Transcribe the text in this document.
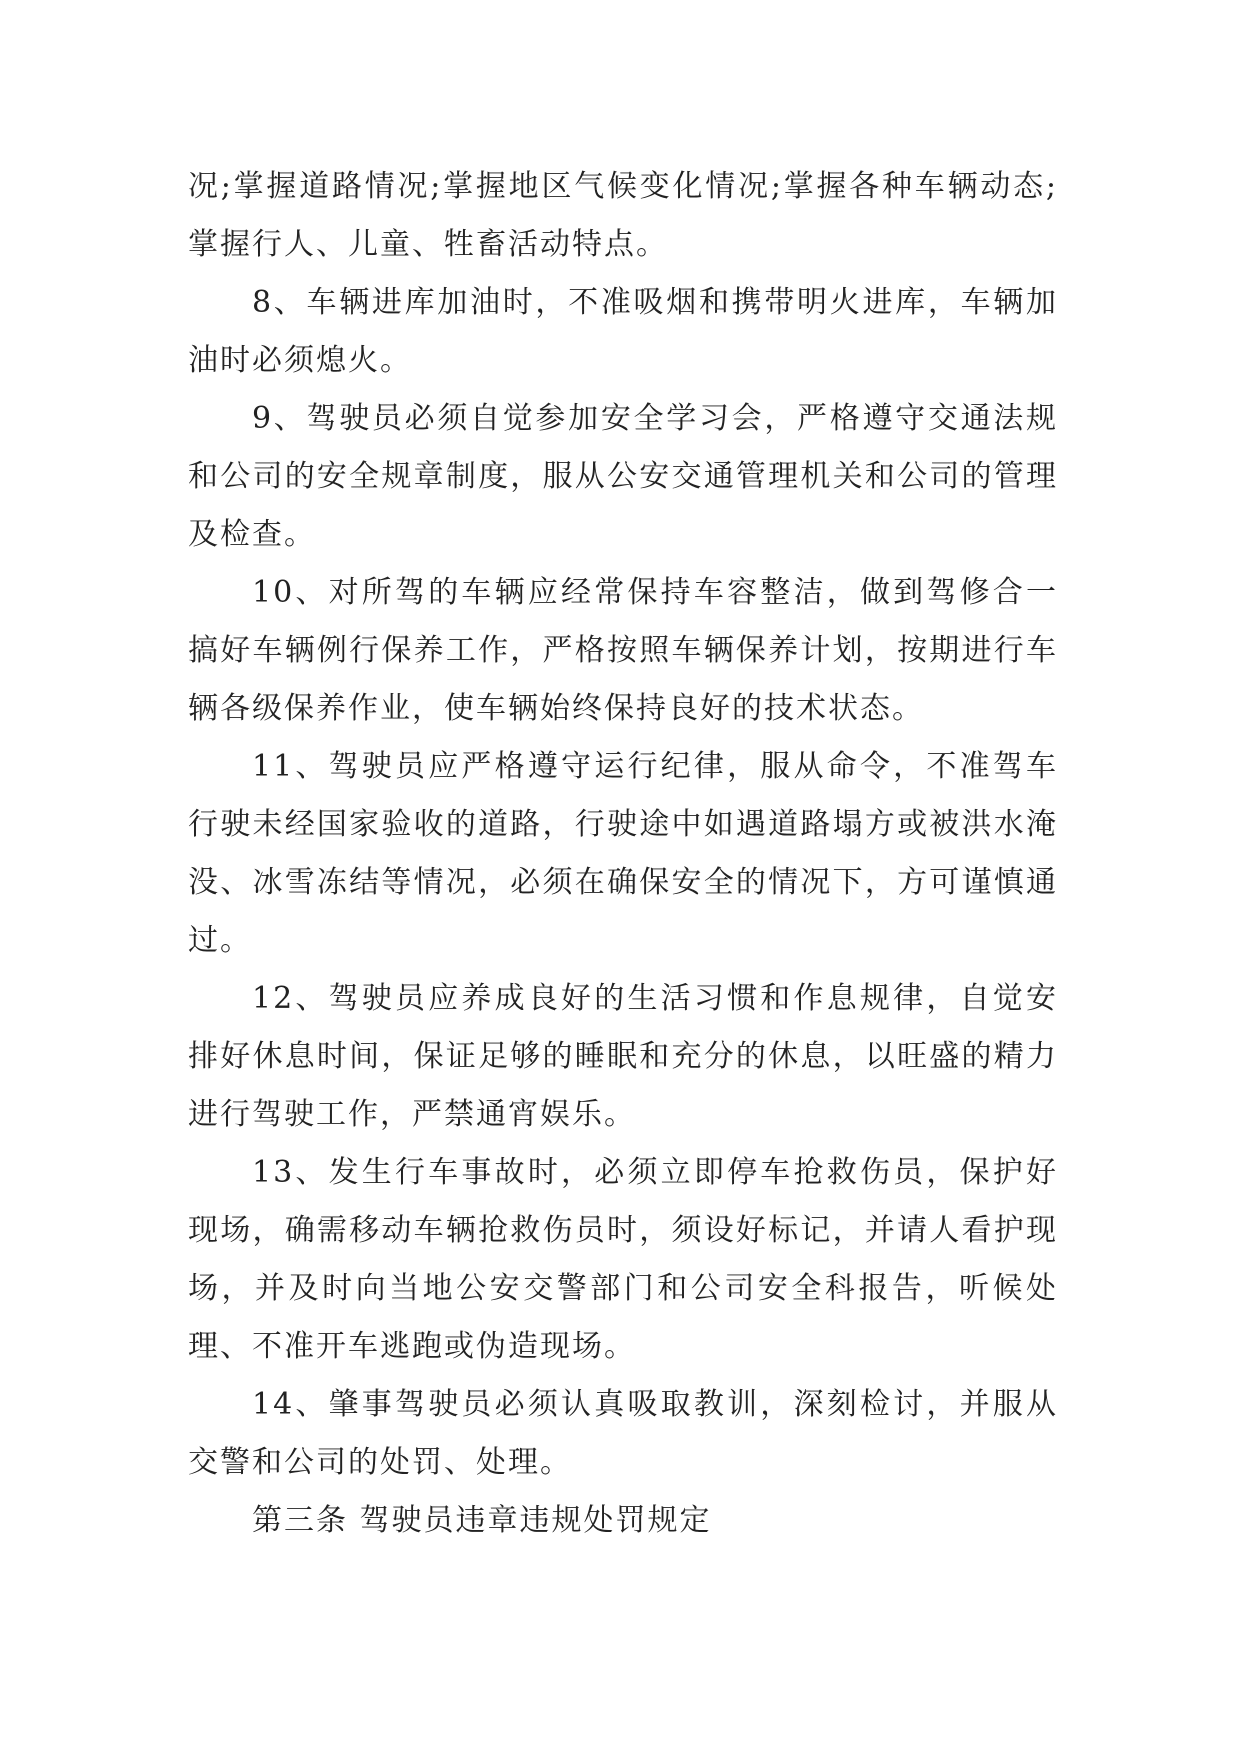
况;掌握道路情况;掌握地区气候变化情况;掌握各种车辆动态;掌握行人、儿童、牲畜活动特点。

8、车辆进库加油时，不准吸烟和携带明火进库，车辆加油时必须熄火。

9、驾驶员必须自觉参加安全学习会，严格遵守交通法规和公司的安全规章制度，服从公安交通管理机关和公司的管理及检查。

10、对所驾的车辆应经常保持车容整洁，做到驾修合一搞好车辆例行保养工作，严格按照车辆保养计划，按期进行车辆各级保养作业，使车辆始终保持良好的技术状态。

11、驾驶员应严格遵守运行纪律，服从命令，不准驾车行驶未经国家验收的道路，行驶途中如遇道路塌方或被洪水淹没、冰雪冻结等情况，必须在确保安全的情况下，方可谨慎通过。

12、驾驶员应养成良好的生活习惯和作息规律，自觉安排好休息时间，保证足够的睡眠和充分的休息，以旺盛的精力进行驾驶工作，严禁通宵娱乐。

13、发生行车事故时，必须立即停车抢救伤员，保护好现场，确需移动车辆抢救伤员时，须设好标记，并请人看护现场，并及时向当地公安交警部门和公司安全科报告，听候处理、不准开车逃跑或伪造现场。

14、肇事驾驶员必须认真吸取教训，深刻检讨，并服从交警和公司的处罚、处理。

第三条 驾驶员违章违规处罚规定
